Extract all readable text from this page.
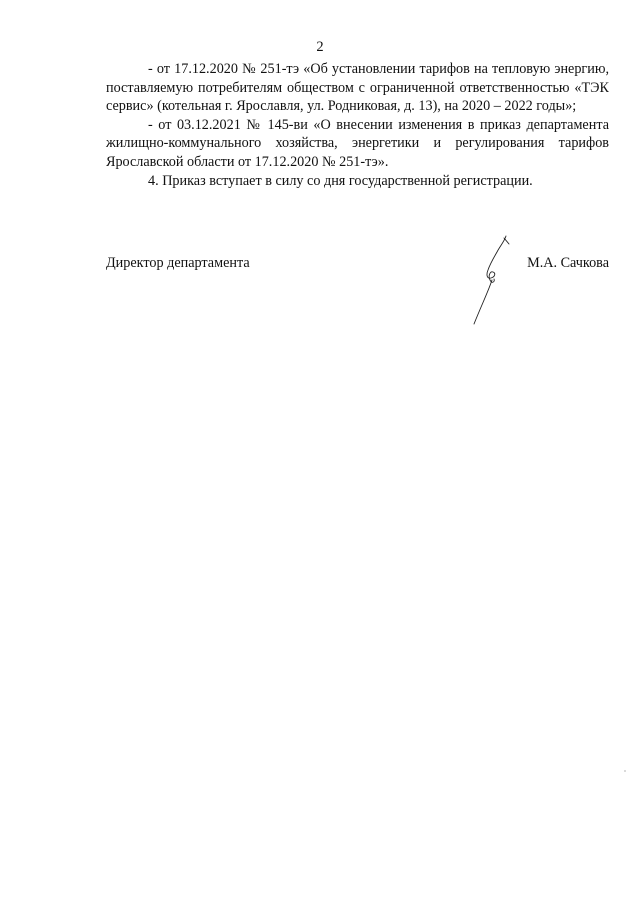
2

- от 17.12.2020 № 251-тэ «Об установлении тарифов на тепловую энергию, поставляемую потребителям обществом с ограниченной ответственностью «ТЭК сервис» (котельная г. Ярославля, ул. Родниковая, д. 13), на 2020 – 2022 годы»;

- от 03.12.2021 № 145-ви «О внесении изменения в приказ департамента жилищно-коммунального хозяйства, энергетики и регулирования тарифов Ярославской области от 17.12.2020 № 251-тэ».

4. Приказ вступает в силу со дня государственной регистрации.

Директор департамента	М.А. Сачкова
